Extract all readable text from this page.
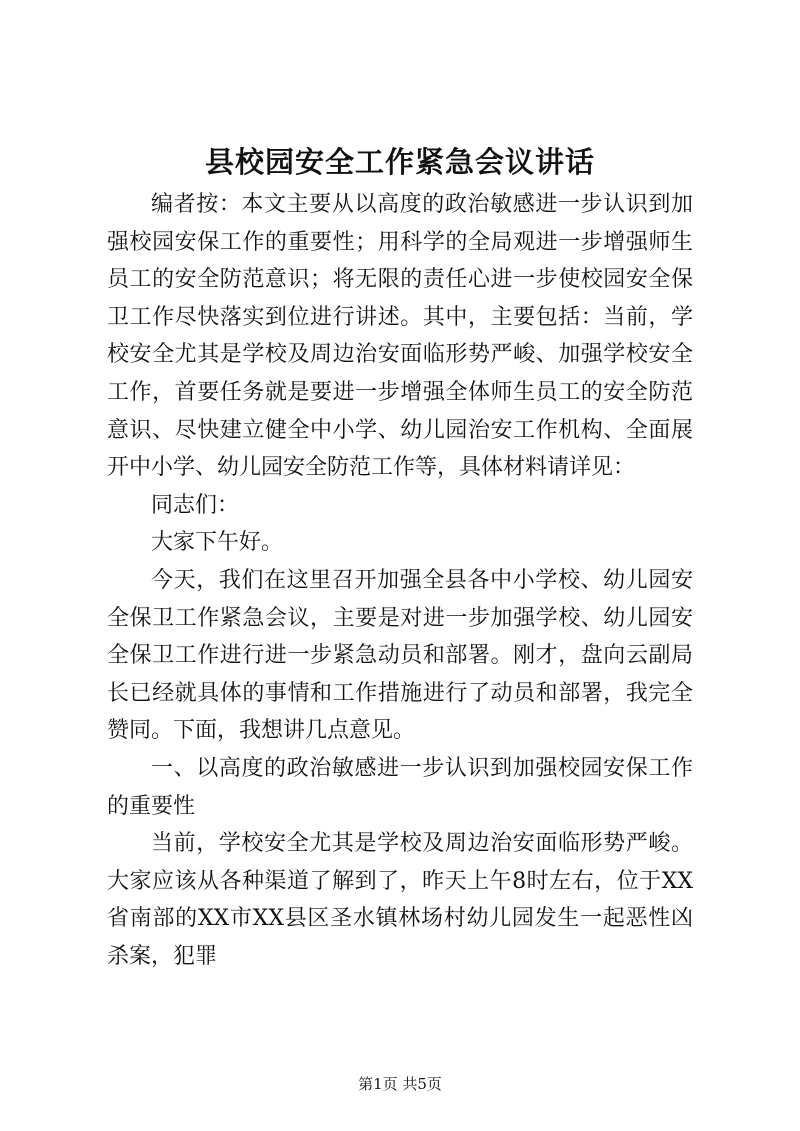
县校园安全工作紧急会议讲话

编者按：本文主要从以高度的政治敏感进一步认识到加强校园安保工作的重要性；用科学的全局观进一步增强师生员工的安全防范意识；将无限的责任心进一步使校园安全保卫工作尽快落实到位进行讲述。其中，主要包括：当前，学校安全尤其是学校及周边治安面临形势严峻、加强学校安全工作，首要任务就是要进一步增强全体师生员工的安全防范意识、尽快建立健全中小学、幼儿园治安工作机构、全面展开中小学、幼儿园安全防范工作等，具体材料请详见：

同志们：

大家下午好。

今天，我们在这里召开加强全县各中小学校、幼儿园安全保卫工作紧急会议，主要是对进一步加强学校、幼儿园安全保卫工作进行进一步紧急动员和部署。刚才，盘向云副局长已经就具体的事情和工作措施进行了动员和部署，我完全赞同。下面，我想讲几点意见。

一、以高度的政治敏感进一步认识到加强校园安保工作的重要性

当前，学校安全尤其是学校及周边治安面临形势严峻。大家应该从各种渠道了解到了，昨天上午8时左右，位于XX省南部的XX市XX县区圣水镇林场村幼儿园发生一起恶性凶杀案，犯罪

第1页 共5页
